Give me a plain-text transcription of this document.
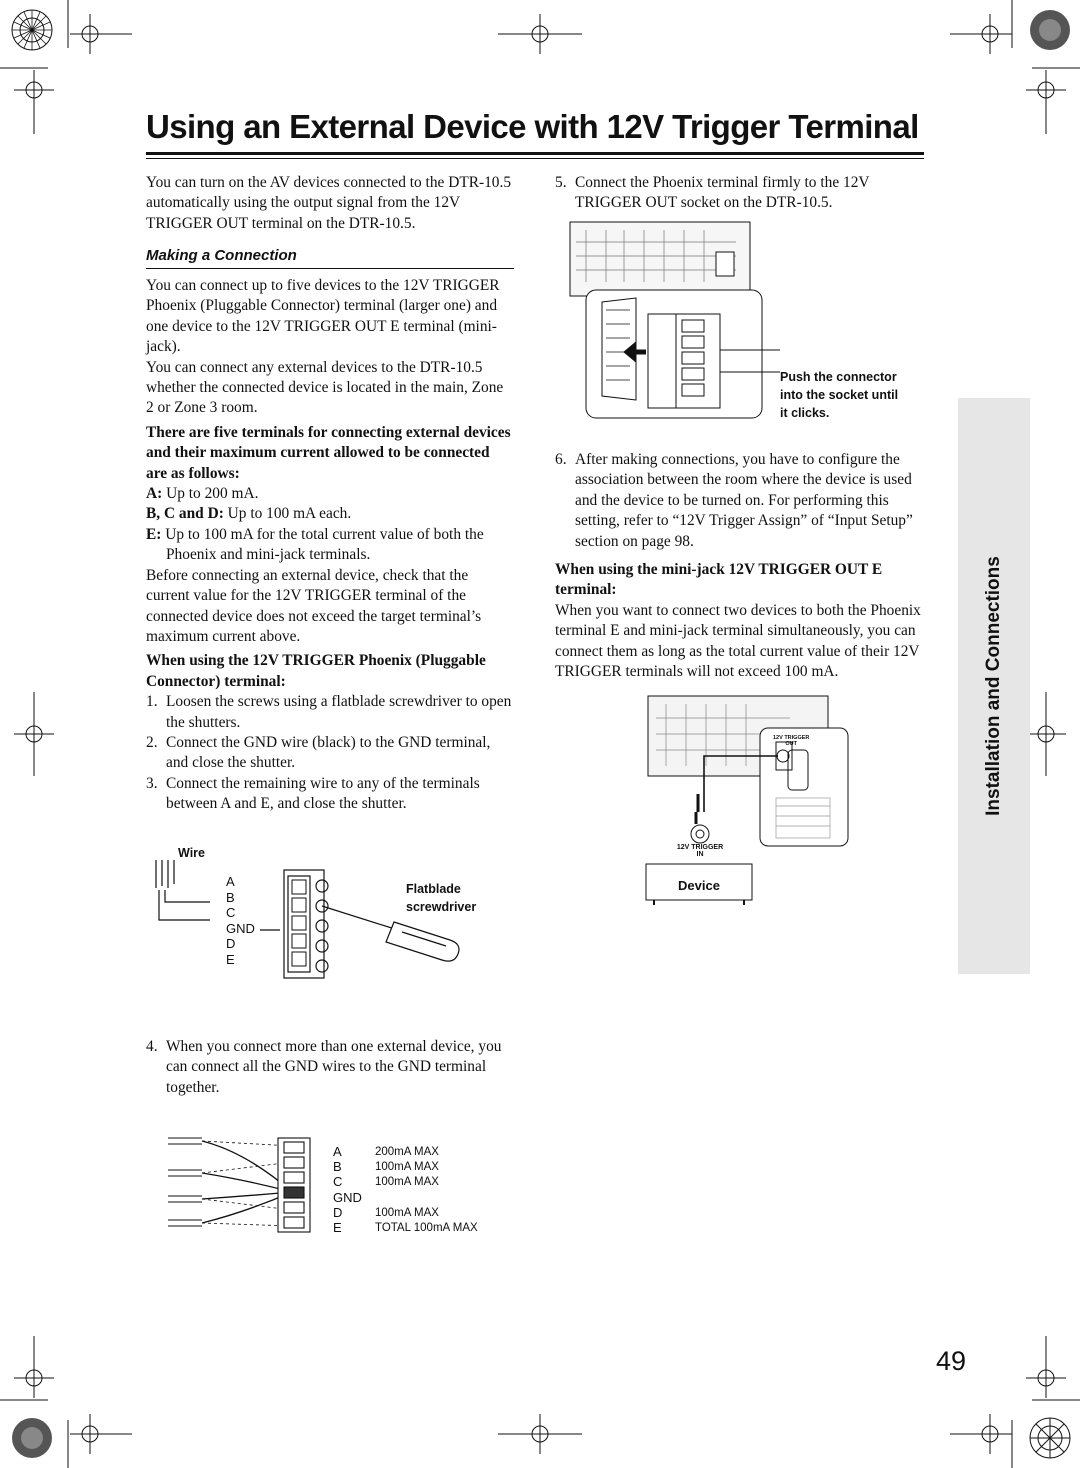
Using an External Device with 12V Trigger Terminal
Installation and Connections

You can turn on the AV devices connected to the DTR-10.5 automatically using the output signal from the 12V TRIGGER OUT terminal on the DTR-10.5.

Making a Connection

You can connect up to five devices to the 12V TRIGGER Phoenix (Pluggable Connector) terminal (larger one) and one device to the 12V TRIGGER OUT E terminal (mini-jack).

You can connect any external devices to the DTR-10.5 whether the connected device is located in the main, Zone 2 or Zone 3 room.

There are five terminals for connecting external devices and their maximum current allowed to be connected are as follows:

A: Up to 200 mA.

B, C and D: Up to 100 mA each.

E: Up to 100 mA for the total current value of both the Phoenix and mini-jack terminals.

Before connecting an external device, check that the current value for the 12V TRIGGER terminal of the connected device does not exceed the target terminal’s maximum current above.

When using the 12V TRIGGER Phoenix (Pluggable Connector) terminal:

1. Loosen the screws using a flatblade screwdriver to open the shutters.
2. Connect the GND wire (black) to the GND terminal, and close the shutter.
3. Connect the remaining wire to any of the terminals between A and E, and close the shutter.
Wire
A
B
C
GND
D
E
Flatblade
screwdriver
4. When you connect more than one external device, you can connect all the GND wires to the GND terminal together.
A
B
C
GND
D
E
200mA MAX
100mA MAX
100mA MAX
100mA MAX
TOTAL 100mA MAX
5. Connect the Phoenix terminal firmly to the 12V TRIGGER OUT socket on the DTR-10.5.
Push the connector
into the socket until
it clicks.
6. After making connections, you have to configure the association between the room where the device is used and the device to be turned on. For performing this setting, refer to “12V Trigger Assign” of “Input Setup” section on page 98.

When using the mini-jack 12V TRIGGER OUT E terminal:

When you want to connect two devices to both the Phoenix terminal E and mini-jack terminal simultaneously, you can connect them as long as the total current value of their 12V TRIGGER terminals will not exceed 100 mA.

12V TRIGGER
OUT
12V TRIGGER
IN
Device
49
